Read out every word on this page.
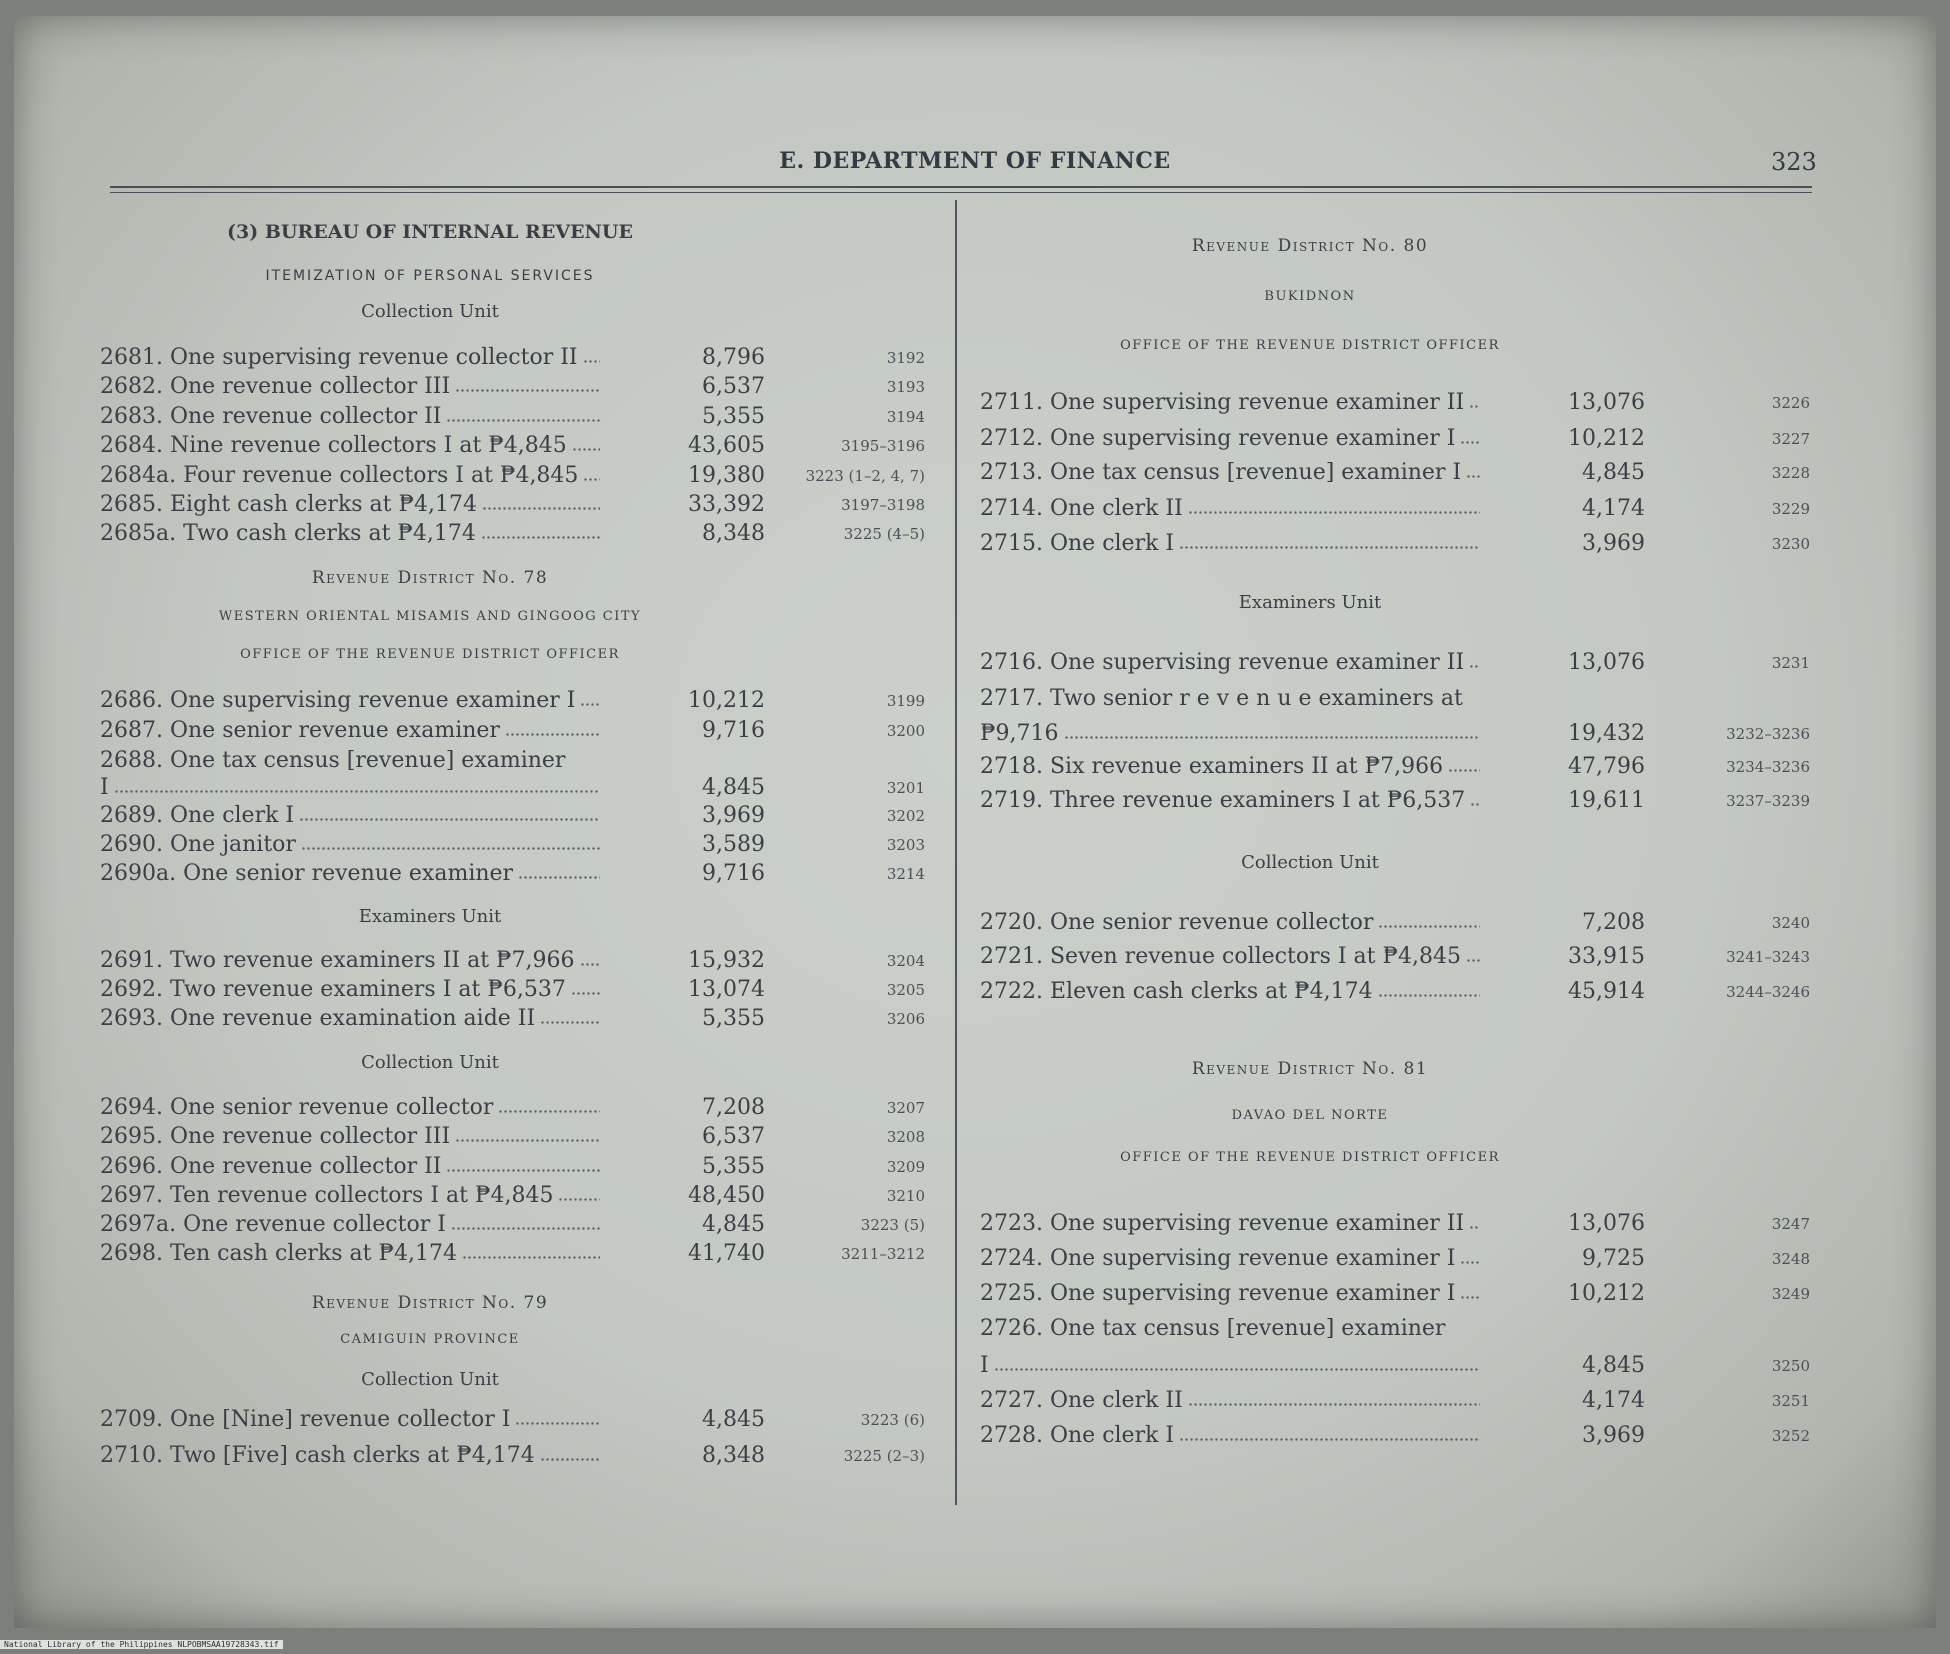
E. DEPARTMENT OF FINANCE	323
(3) BUREAU OF INTERNAL REVENUE
ITEMIZATION OF PERSONAL SERVICES
Collection Unit
Revenue District No. 78
WESTERN ORIENTAL MISAMIS AND GINGOOG CITY
OFFICE OF THE REVENUE DISTRICT OFFICER
Examiners Unit
Collection Unit
Revenue District No. 79
CAMIGUIN PROVINCE
Collection Unit
Revenue District No. 80
BUKIDNON
OFFICE OF THE REVENUE DISTRICT OFFICER
Examiners Unit
Collection Unit
Revenue District No. 81
DAVAO DEL NORTE
OFFICE OF THE REVENUE DISTRICT OFFICER
2681. One supervising revenue collector II	8,796	3192
2682. One revenue collector III	6,537	3193
2683. One revenue collector II	5,355	3194
2684. Nine revenue collectors I at ₱4,845	43,605	3195–3196
2684a. Four revenue collectors I at ₱4,845	19,380	3223 (1–2, 4, 7)
2685. Eight cash clerks at ₱4,174	33,392	3197–3198
2685a. Two cash clerks at ₱4,174	8,348	3225 (4–5)
2686. One supervising revenue examiner I	10,212	3199
2687. One senior revenue examiner	9,716	3200
2688. One tax census [revenue] examiner
I	4,845	3201
2689. One clerk I	3,969	3202
2690. One janitor	3,589	3203
2690a. One senior revenue examiner	9,716	3214
2691. Two revenue examiners II at ₱7,966	15,932	3204
2692. Two revenue examiners I at ₱6,537	13,074	3205
2693. One revenue examination aide II	5,355	3206
2694. One senior revenue collector	7,208	3207
2695. One revenue collector III	6,537	3208
2696. One revenue collector II	5,355	3209
2697. Ten revenue collectors I at ₱4,845	48,450	3210
2697a. One revenue collector I	4,845	3223 (5)
2698. Ten cash clerks at ₱4,174	41,740	3211–3212
2709. One [Nine] revenue collector I	4,845	3223 (6)
2710. Two [Five] cash clerks at ₱4,174	8,348	3225 (2–3)
2711. One supervising revenue examiner II	13,076	3226
2712. One supervising revenue examiner I	10,212	3227
2713. One tax census [revenue] examiner I	4,845	3228
2714. One clerk II	4,174	3229
2715. One clerk I	3,969	3230
2716. One supervising revenue examiner II	13,076	3231
2717. Two senior r e v e n u e examiners at
₱9,716	19,432	3232–3236
2718. Six revenue examiners II at ₱7,966	47,796	3234–3236
2719. Three revenue examiners I at ₱6,537	19,611	3237–3239
2720. One senior revenue collector	7,208	3240
2721. Seven revenue collectors I at ₱4,845	33,915	3241–3243
2722. Eleven cash clerks at ₱4,174	45,914	3244–3246
2723. One supervising revenue examiner II	13,076	3247
2724. One supervising revenue examiner I	9,725	3248
2725. One supervising revenue examiner I	10,212	3249
2726. One tax census [revenue] examiner
I	4,845	3250
2727. One clerk II	4,174	3251
2728. One clerk I	3,969	3252
National Library of the Philippines NLPOBMSAA19728343.tif
